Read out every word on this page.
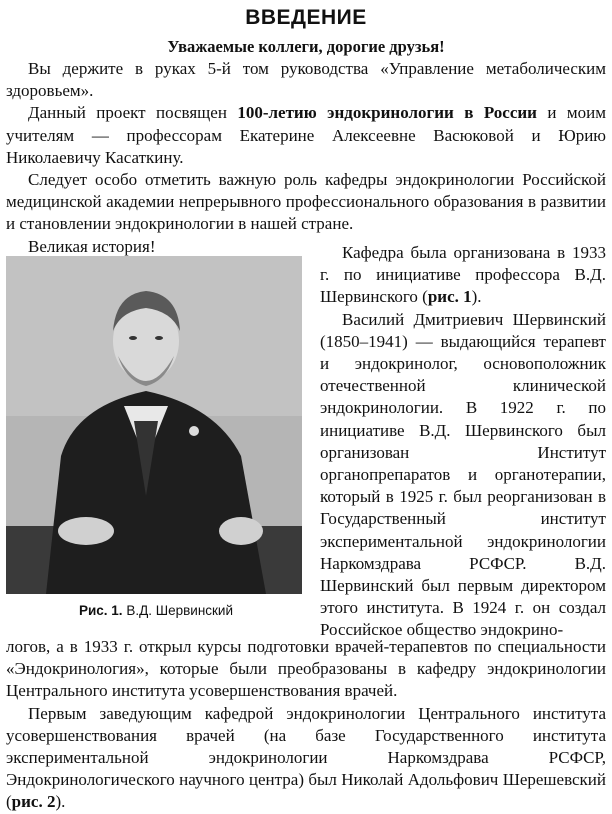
ВВЕДЕНИЕ
Уважаемые коллеги, дорогие друзья!

Вы держите в руках 5-й том руководства «Управление метаболическим здоровьем».

Данный проект посвящен 100-летию эндокринологии в России и моим учителям — профессорам Екатерине Алексеевне Васюковой и Юрию Николаевичу Касаткину.

Следует особо отметить важную роль кафедры эндокринологии Российской медицинской академии непрерывного профессионального образования в развитии и становлении эндокринологии в нашей стране.

Великая история!

Рис. 1. В.Д. Шервинский

Кафедра была организована в 1933 г. по инициативе профессора В.Д. Шервинского (рис. 1).

Василий Дмитриевич Шервинский (1850–1941) — выдающийся терапевт и эндокринолог, основоположник отечественной клинической эндокринологии. В 1922 г. по инициативе В.Д. Шервинского был организован Институт органопрепаратов и органотерапии, который в 1925 г. был реорганизован в Государственный институт экспериментальной эндокринологии Наркомздрава РСФСР. В.Д. Шервинский был первым директором этого института. В 1924 г. он создал Российское общество эндокрино-

логов, а в 1933 г. открыл курсы подготовки врачей-терапевтов по специальности «Эндокринология», которые были преобразованы в кафедру эндокринологии Центрального института усовершенствования врачей.

Первым заведующим кафедрой эндокринологии Центрального института усовершенствования врачей (на базе Государственного института экспериментальной эндокринологии Наркомздрава РСФСР, Эндокринологического научного центра) был Николай Адольфович Шерешевский (рис. 2).
